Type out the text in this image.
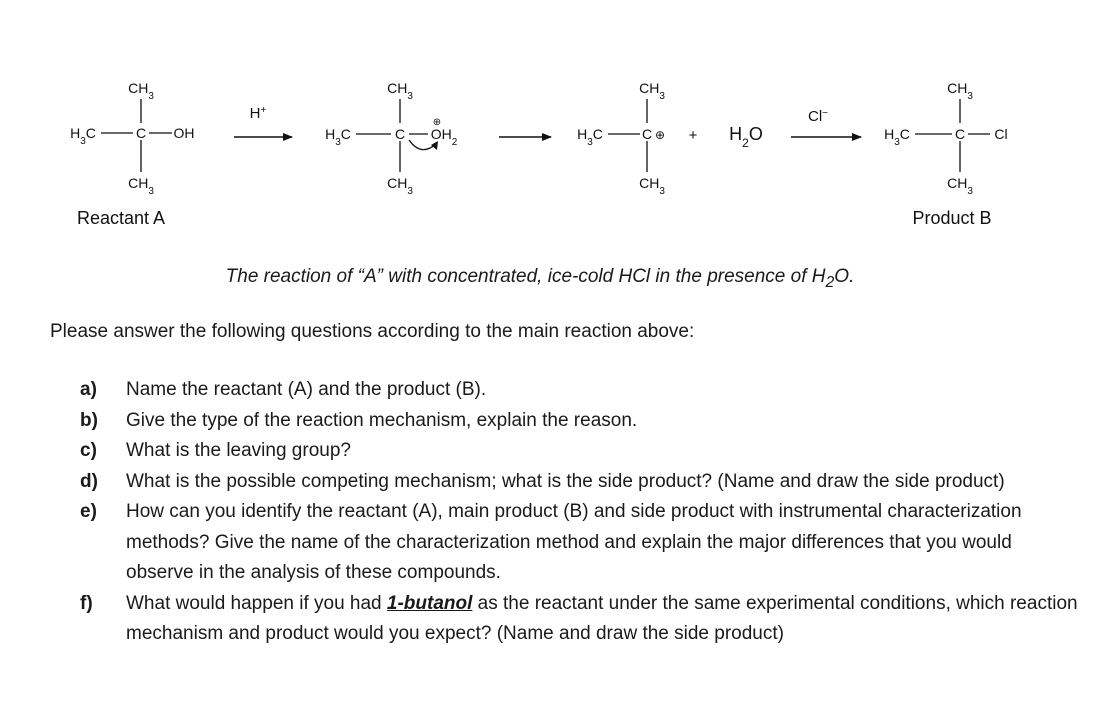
$CH_3$
$H_3C$	C OH
$CH_3$
Reactant A
H+
$CH_3$
$H_3C$	C $OH_2$
⊕
$CH_3$
$CH_3$
$H_3C$	C ⊕
$CH_3$
+ $H_2O$
Cl−
$CH_3$
$H_3C$	C Cl
$CH_3$
Product B

The reaction of “A” with concentrated, ice-cold HCl in the presence of $H_2O$.

Please answer the following questions according to the main reaction above:

a)	Name the reactant (A) and the product (B).
b)	Give the type of the reaction mechanism, explain the reason.
c)	What is the leaving group?
d)	What is the possible competing mechanism; what is the side product? (Name and draw the side product)
e)	How can you identify the reactant (A), main product (B) and side product with instrumental characterization methods? Give the name of the characterization method and explain the major differences that you would observe in the analysis of these compounds.
f)	What would happen if you had 1-butanol as the reactant under the same experimental conditions, which reaction mechanism and product would you expect? (Name and draw the side product)
